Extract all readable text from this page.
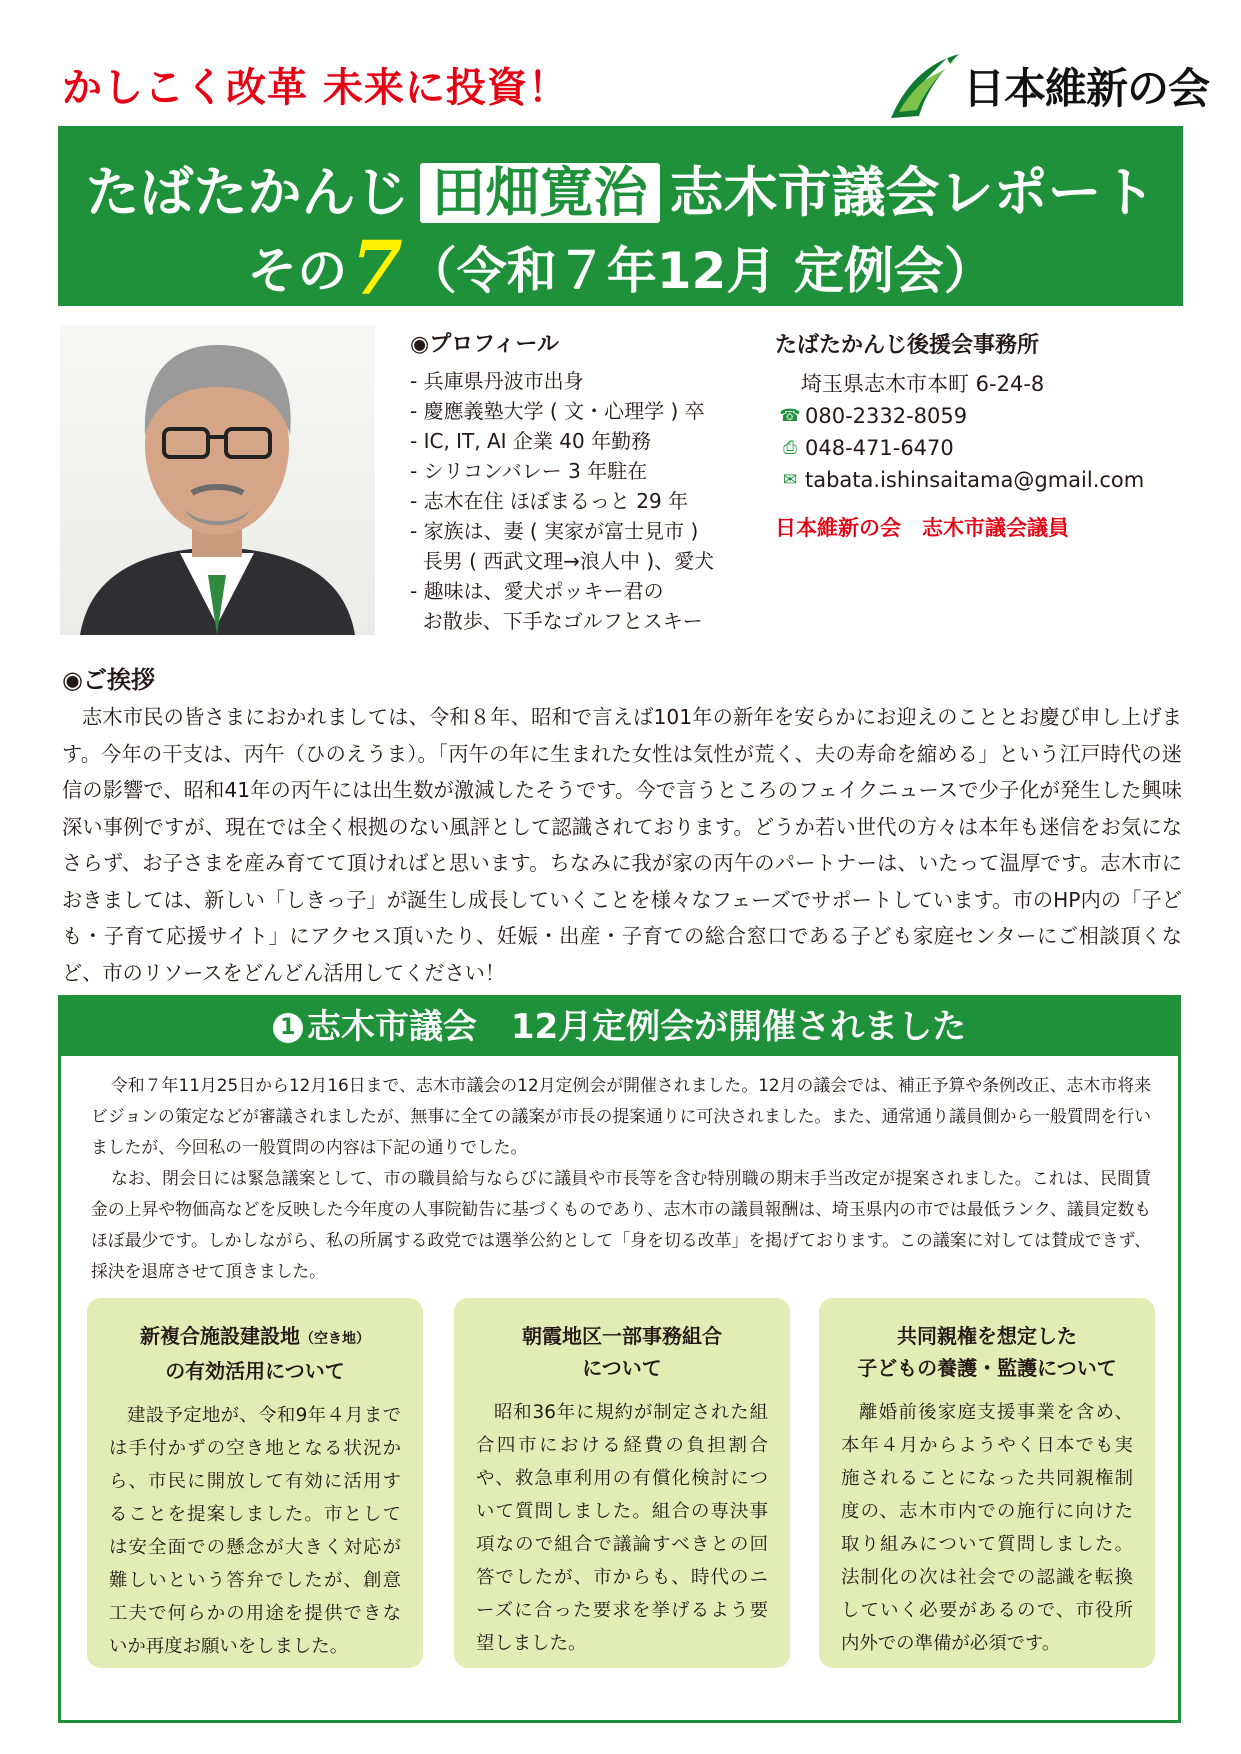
かしこく改革 未来に投資！	日本維新の会
たばたかんじ 田畑寛治 志木市議会レポート
その7（令和７年12月 定例会）
◉プロフィール
- 兵庫県丹波市出身
- 慶應義塾大学 ( 文・心理学 ) 卒
- IC, IT, AI 企業 40 年勤務
- シリコンバレー 3 年駐在
- 志木在住 ほぼまるっと 29 年
- 家族は、妻 ( 実家が富士見市 )
長男 ( 西武文理→浪人中 )、愛犬
- 趣味は、愛犬ポッキー君の
お散歩、下手なゴルフとスキー
たばたかんじ後援会事務所
埼玉県志木市本町 6-24-8
☎ 080-2332-8059
⎙ 048-471-6470
✉ tabata.ishinsaitama@gmail.com
日本維新の会　志木市議会議員
◉ご挨拶

志木市民の皆さまにおかれましては、令和８年、昭和で言えば101年の新年を安らかにお迎えのこととお慶び申し上げます。今年の干支は、丙午（ひのえうま）。「丙午の年に生まれた女性は気性が荒く、夫の寿命を縮める」という江戸時代の迷信の影響で、昭和41年の丙午には出生数が激減したそうです。今で言うところのフェイクニュースで少子化が発生した興味深い事例ですが、現在では全く根拠のない風評として認識されております。どうか若い世代の方々は本年も迷信をお気になさらず、お子さまを産み育てて頂ければと思います。ちなみに我が家の丙午のパートナーは、いたって温厚です。志木市におきましては、新しい「しきっ子」が誕生し成長していくことを様々なフェーズでサポートしています。市のHP内の「子ども・子育て応援サイト」にアクセス頂いたり、妊娠・出産・子育ての総合窓口である子ども家庭センターにご相談頂くなど、市のリソースをどんどん活用してください！

1 志木市議会　12月定例会が開催されました

令和７年11月25日から12月16日まで、志木市議会の12月定例会が開催されました。12月の議会では、補正予算や条例改正、志木市将来ビジョンの策定などが審議されましたが、無事に全ての議案が市長の提案通りに可決されました。また、通常通り議員側から一般質問を行いましたが、今回私の一般質問の内容は下記の通りでした。

なお、閉会日には緊急議案として、市の職員給与ならびに議員や市長等を含む特別職の期末手当改定が提案されました。これは、民間賃金の上昇や物価高などを反映した今年度の人事院勧告に基づくものであり、志木市の議員報酬は、埼玉県内の市では最低ランク、議員定数もほぼ最少です。しかしながら、私の所属する政党では選挙公約として「身を切る改革」を掲げております。この議案に対しては賛成できず、採決を退席させて頂きました。

新複合施設建設地（空き地）
の有効活用について
建設予定地が、令和9年４月までは手付かずの空き地となる状況から、市民に開放して有効に活用することを提案しました。市としては安全面での懸念が大きく対応が難しいという答弁でしたが、創意工夫で何らかの用途を提供できないか再度お願いをしました。
朝霞地区一部事務組合
について
昭和36年に規約が制定された組合四市における経費の負担割合や、救急車利用の有償化検討について質問しました。組合の専決事項なので組合で議論すべきとの回答でしたが、市からも、時代のニーズに合った要求を挙げるよう要望しました。
共同親権を想定した
子どもの養護・監護について
離婚前後家庭支援事業を含め、本年４月からようやく日本でも実施されることになった共同親権制度の、志木市内での施行に向けた取り組みについて質問しました。法制化の次は社会での認識を転換していく必要があるので、市役所内外での準備が必須です。
